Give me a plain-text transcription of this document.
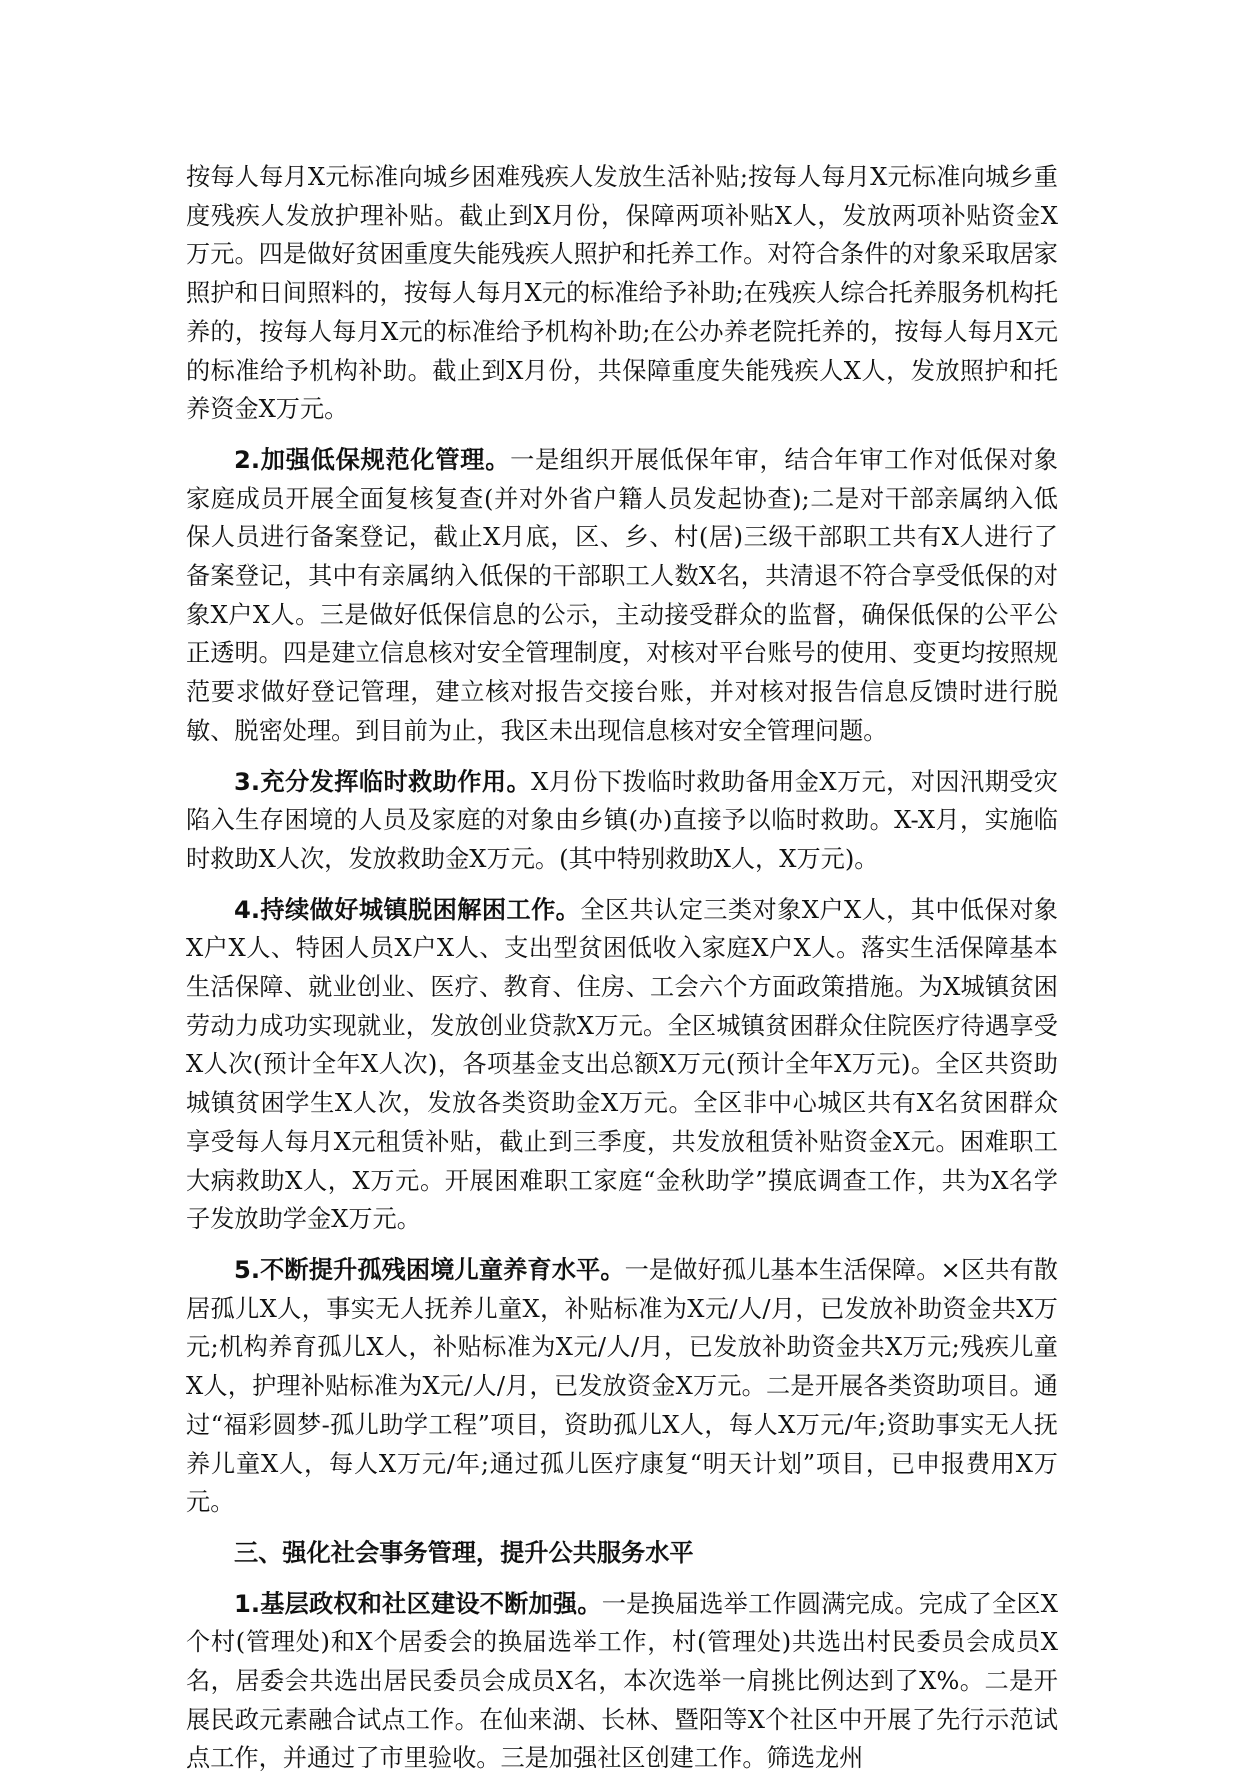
按每人每月X元标准向城乡困难残疾人发放生活补贴;按每人每月X元标准向城乡重度残疾人发放护理补贴。截止到X月份，保障两项补贴X人，发放两项补贴资金X万元。四是做好贫困重度失能残疾人照护和托养工作。对符合条件的对象采取居家照护和日间照料的，按每人每月X元的标准给予补助;在残疾人综合托养服务机构托养的，按每人每月X元的标准给予机构补助;在公办养老院托养的，按每人每月X元的标准给予机构补助。截止到X月份，共保障重度失能残疾人X人，发放照护和托养资金X万元。

2.加强低保规范化管理。一是组织开展低保年审，结合年审工作对低保对象家庭成员开展全面复核复查(并对外省户籍人员发起协查);二是对干部亲属纳入低保人员进行备案登记，截止X月底，区、乡、村(居)三级干部职工共有X人进行了备案登记，其中有亲属纳入低保的干部职工人数X名，共清退不符合享受低保的对象X户X人。三是做好低保信息的公示，主动接受群众的监督，确保低保的公平公正透明。四是建立信息核对安全管理制度，对核对平台账号的使用、变更均按照规范要求做好登记管理，建立核对报告交接台账，并对核对报告信息反馈时进行脱敏、脱密处理。到目前为止，我区未出现信息核对安全管理问题。

3.充分发挥临时救助作用。X月份下拨临时救助备用金X万元，对因汛期受灾陷入生存困境的人员及家庭的对象由乡镇(办)直接予以临时救助。X-X月，实施临时救助X人次，发放救助金X万元。(其中特别救助X人，X万元)。

4.持续做好城镇脱困解困工作。全区共认定三类对象X户X人，其中低保对象X户X人、特困人员X户X人、支出型贫困低收入家庭X户X人。落实生活保障基本生活保障、就业创业、医疗、教育、住房、工会六个方面政策措施。为X城镇贫困劳动力成功实现就业，发放创业贷款X万元。全区城镇贫困群众住院医疗待遇享受X人次(预计全年X人次)，各项基金支出总额X万元(预计全年X万元)。全区共资助城镇贫困学生X人次，发放各类资助金X万元。全区非中心城区共有X名贫困群众享受每人每月X元租赁补贴，截止到三季度，共发放租赁补贴资金X元。困难职工大病救助X人，X万元。开展困难职工家庭“金秋助学”摸底调查工作，共为X名学子发放助学金X万元。

5.不断提升孤残困境儿童养育水平。一是做好孤儿基本生活保障。×区共有散居孤儿X人，事实无人抚养儿童X，补贴标准为X元/人/月，已发放补助资金共X万元;机构养育孤儿X人，补贴标准为X元/人/月，已发放补助资金共X万元;残疾儿童X人，护理补贴标准为X元/人/月，已发放资金X万元。二是开展各类资助项目。通过“福彩圆梦-孤儿助学工程”项目，资助孤儿X人，每人X万元/年;资助事实无人抚养儿童X人，每人X万元/年;通过孤儿医疗康复“明天计划”项目，已申报费用X万元。

三、强化社会事务管理，提升公共服务水平

1.基层政权和社区建设不断加强。一是换届选举工作圆满完成。完成了全区X个村(管理处)和X个居委会的换届选举工作，村(管理处)共选出村民委员会成员X名，居委会共选出居民委员会成员X名，本次选举一肩挑比例达到了X%。二是开展民政元素融合试点工作。在仙来湖、长林、暨阳等X个社区中开展了先行示范试点工作，并通过了市里验收。三是加强社区创建工作。筛选龙州
